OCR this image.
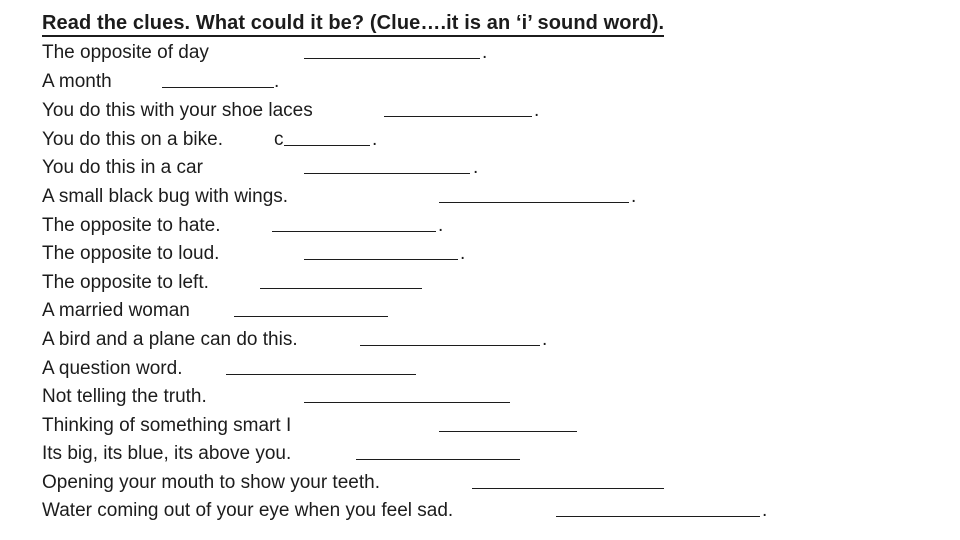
Read the clues. What could it be? (Clue….it is an ‘i’ sound word).
The opposite of day	.
A month	.
You do this with your shoe laces	.
You do this on a bike.	c	.
You do this in a car	.
A small black bug with wings.	.
The opposite to hate.	.
The opposite to loud.	.
The opposite to left.
A married woman
A bird and a plane can do this.	.
A question word.
Not telling the truth.
Thinking of something smart I
Its big, its blue, its above you.
Opening your mouth to show your teeth.
Water coming out of your eye when you feel sad.	.
